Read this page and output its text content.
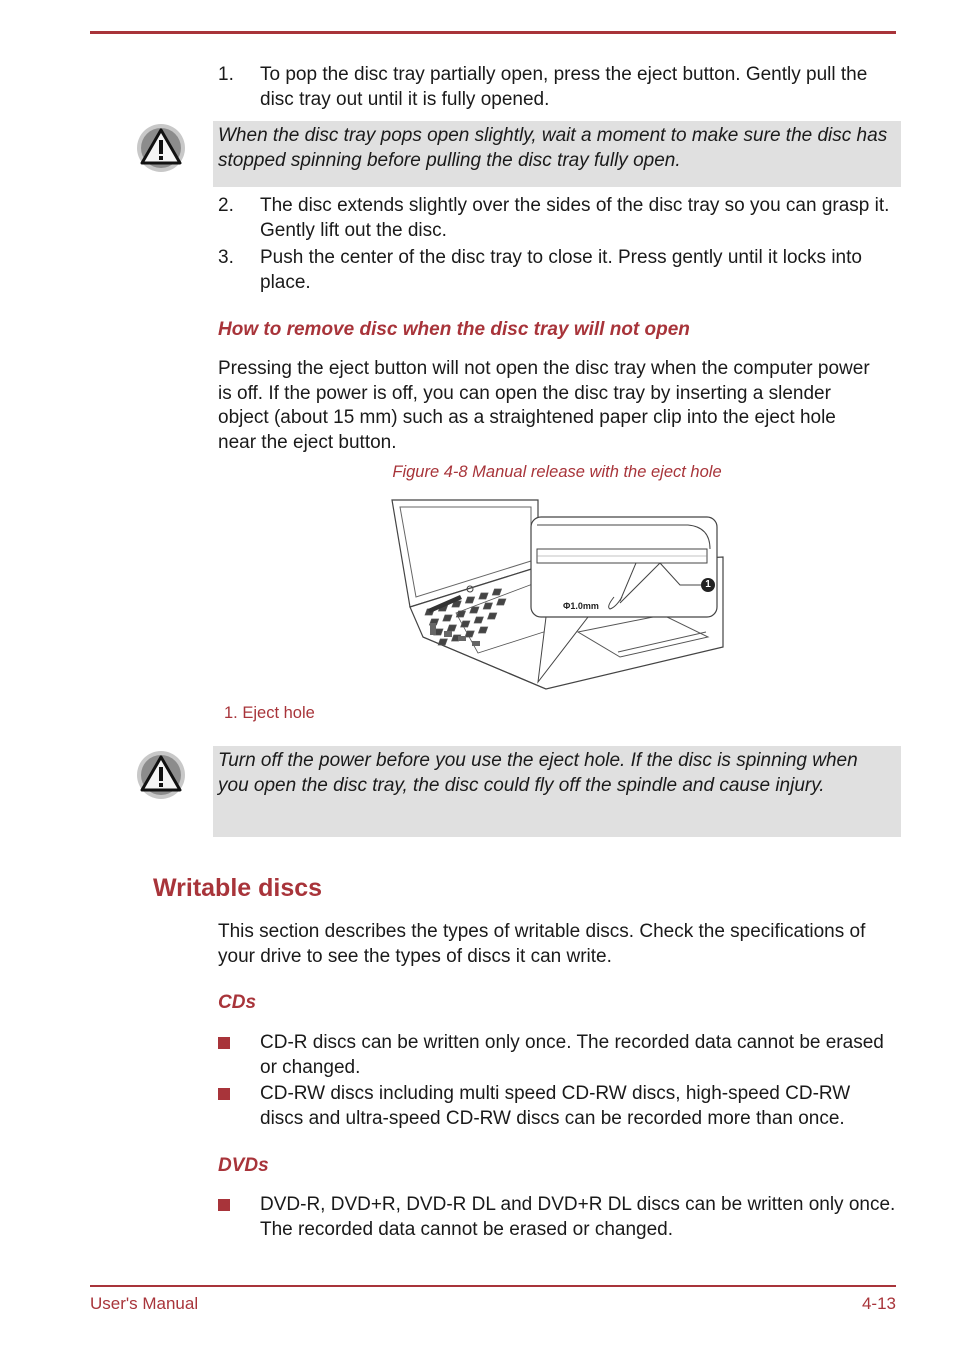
1. To pop the disc tray partially open, press the eject button. Gently pull the disc tray out until it is fully opened.
When the disc tray pops open slightly, wait a moment to make sure the disc has stopped spinning before pulling the disc tray fully open.
2. The disc extends slightly over the sides of the disc tray so you can grasp it. Gently lift out the disc.
3. Push the center of the disc tray to close it. Press gently until it locks into place.
How to remove disc when the disc tray will not open
Pressing the eject button will not open the disc tray when the computer power is off. If the power is off, you can open the disc tray by inserting a slender object (about 15 mm) such as a straightened paper clip into the eject hole near the eject button.
Figure 4-8 Manual release with the eject hole
Φ1.0mm
1
1. Eject hole
Turn off the power before you use the eject hole. If the disc is spinning when you open the disc tray, the disc could fly off the spindle and cause injury.
Writable discs
This section describes the types of writable discs. Check the specifications of your drive to see the types of discs it can write.
CDs
CD-R discs can be written only once. The recorded data cannot be erased or changed.
CD-RW discs including multi speed CD-RW discs, high-speed CD-RW discs and ultra-speed CD-RW discs can be recorded more than once.
DVDs
DVD-R, DVD+R, DVD-R DL and DVD+R DL discs can be written only once. The recorded data cannot be erased or changed.
User's Manual	4-13
